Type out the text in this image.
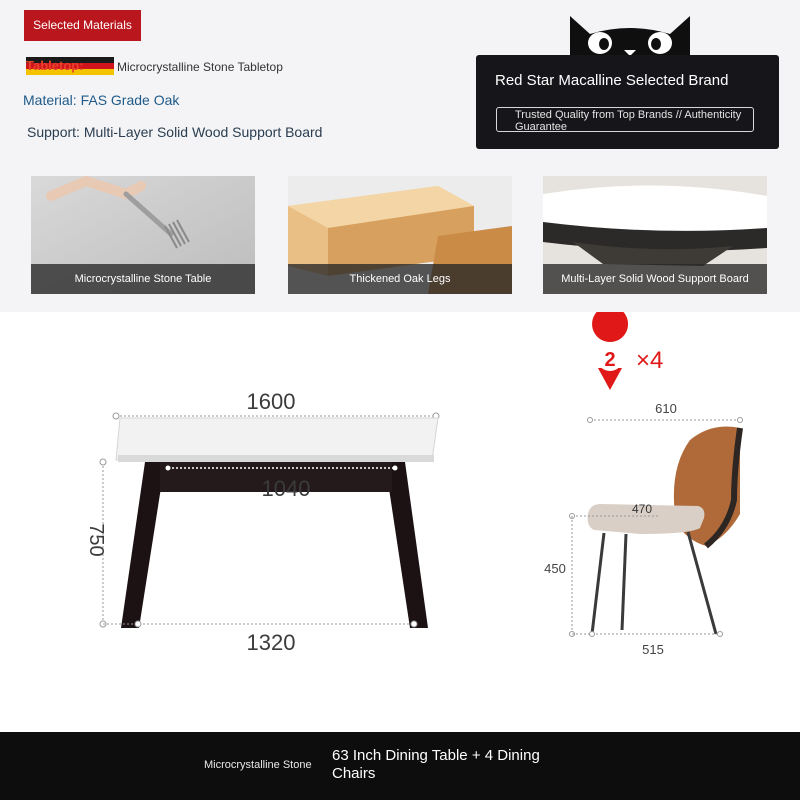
Selected Materials
Tabletop:	Microcrystalline Stone Tabletop
Material: FAS Grade Oak
Support: Multi-Layer Solid Wood Support Board
Red Star Macalline Selected Brand
Trusted Quality from Top Brands // Authenticity Guarantee
Microcrystalline Stone Table	Thickened Oak Legs	Multi-Layer Solid Wood Support Board
1600
1040
750
1320
2 ×4
610
470
450
515
Microcrystalline Stone
63 Inch Dining Table + 4 Dining Chairs
